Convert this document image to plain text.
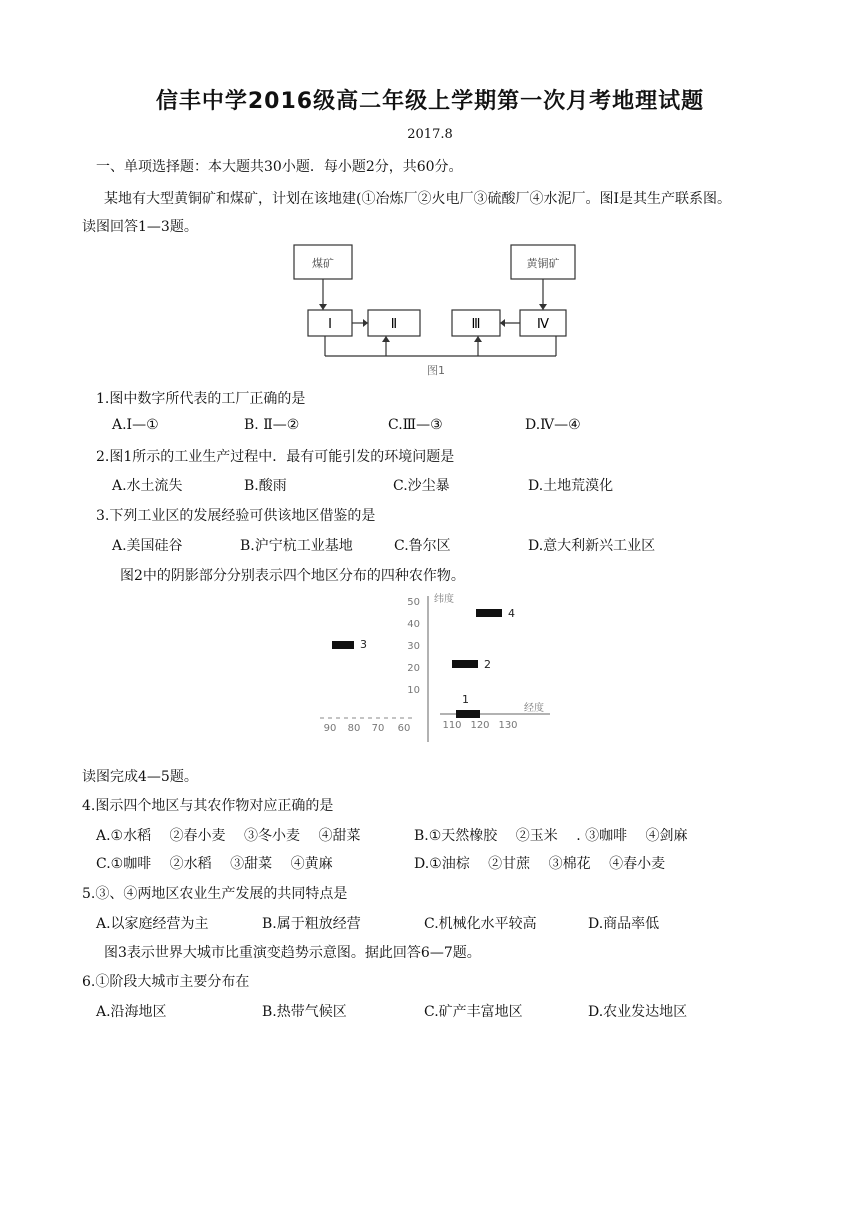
信丰中学2016级高二年级上学期第一次月考地理试题
2017.8
一、单项选择题：本大题共30小题．每小题2分，共60分。
某地有大型黄铜矿和煤矿，计划在该地建(①冶炼厂②火电厂③硫酸厂④水泥厂。图Ⅰ是其生产联系图。
读图回答1—3题。
煤矿	黄铜矿
Ⅰ	Ⅱ	Ⅲ	Ⅳ
图1
1.图中数字所代表的工厂正确的是
A.Ⅰ—①	B. Ⅱ—②	C.Ⅲ—③	D.Ⅳ—④
2.图1所示的工业生产过程中．最有可能引发的环境问题是
A.水土流失	B.酸雨	C.沙尘暴	D.土地荒漠化
3.下列工业区的发展经验可供该地区借鉴的是
A.美国硅谷	B.沪宁杭工业基地	C.鲁尔区	D.意大利新兴工业区
图2中的阴影部分分别表示四个地区分布的四种农作物。
纬度
经度
50
40
30
20
10
90 80 70 60	110 120 130
1
2
3
4
读图完成4—5题。
4.图示四个地区与其农作物对应正确的是
A.①水稻 　②春小麦 　③冬小麦 　④甜菜	B.①天然橡胶 　②玉米 　. ③咖啡 　④剑麻
C.①咖啡 　②水稻 　③甜菜 　④黄麻	D.①油棕 　②甘蔗 　③棉花 　④春小麦
5.③、④两地区农业生产发展的共同特点是
A.以家庭经营为主	B.属于粗放经营	C.机械化水平较高	D.商品率低
图3表示世界大城市比重演变趋势示意图。据此回答6—7题。
6.①阶段大城市主要分布在
A.沿海地区	B.热带气候区	C.矿产丰富地区	D.农业发达地区
